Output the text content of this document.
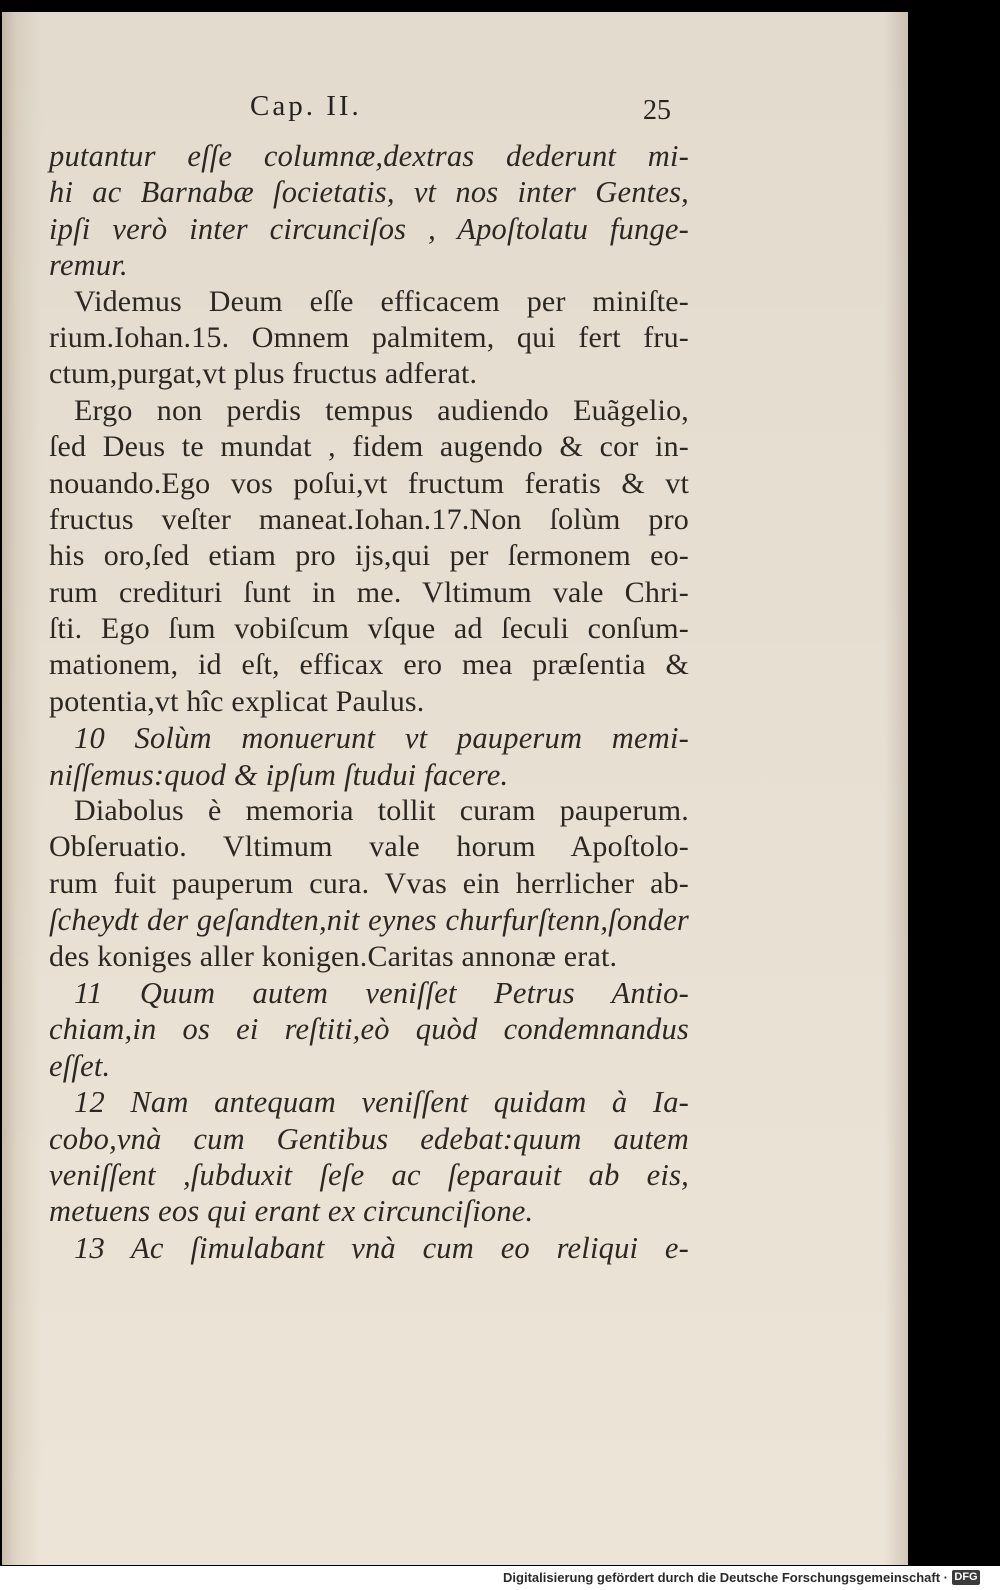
Cap. II.	25
putantur eſſe columnæ,dextras dederunt mi-
hi ac Barnabæ ſocietatis, vt nos inter Gentes,
ipſi verò inter circunciſos , Apoſtolatu funge-
remur.
Videmus Deum eſſe efficacem per miniſte-
rium.Iohan.15. Omnem palmitem, qui fert fru-
ctum,purgat,vt plus fructus adferat.
Ergo non perdis tempus audiendo Euãgelio,
ſed Deus te mundat , fidem augendo & cor in-
nouando.Ego vos poſui,vt fructum feratis & vt
fructus veſter maneat.Iohan.17.Non ſolùm pro
his oro,ſed etiam pro ijs,qui per ſermonem eo-
rum crediturі ſunt in me. Vltimum vale Chri-
ſti. Ego ſum vobiſcum vſque ad ſeculi conſum-
mationem, id eſt, efficax ero mea præſentia &
potentia,vt hîc explicat Paulus.
10 Solùm monuerunt vt pauperum memi-
niſſemus:quod & ipſum ſtudui facere.
Diabolus è memoria tollit curam pauperum.
Obſeruatio. Vltimum vale horum Apoſtolo-
rum fuit pauperum cura. Vvas ein herrlicher ab-
ſcheydt der geſandten,nit eynes churfurſtenn,ſonder
des koniges aller konigen.Caritas annonæ erat.
11 Quum autem veniſſet Petrus Antio-
chiam,in os ei reſtiti,eò quòd condemnandus
eſſet.
12 Nam antequam veniſſent quidam à Ia-
cobo,vnà cum Gentibus edebat:quum autem
veniſſent ,ſubduxit ſeſe ac ſeparauit ab eis,
metuens eos qui erant ex circunciſione.
13 Ac ſimulabant vnà cum eo reliqui e-
Digitalisierung gefördert durch die Deutsche Forschungsgemeinschaft · DFG
